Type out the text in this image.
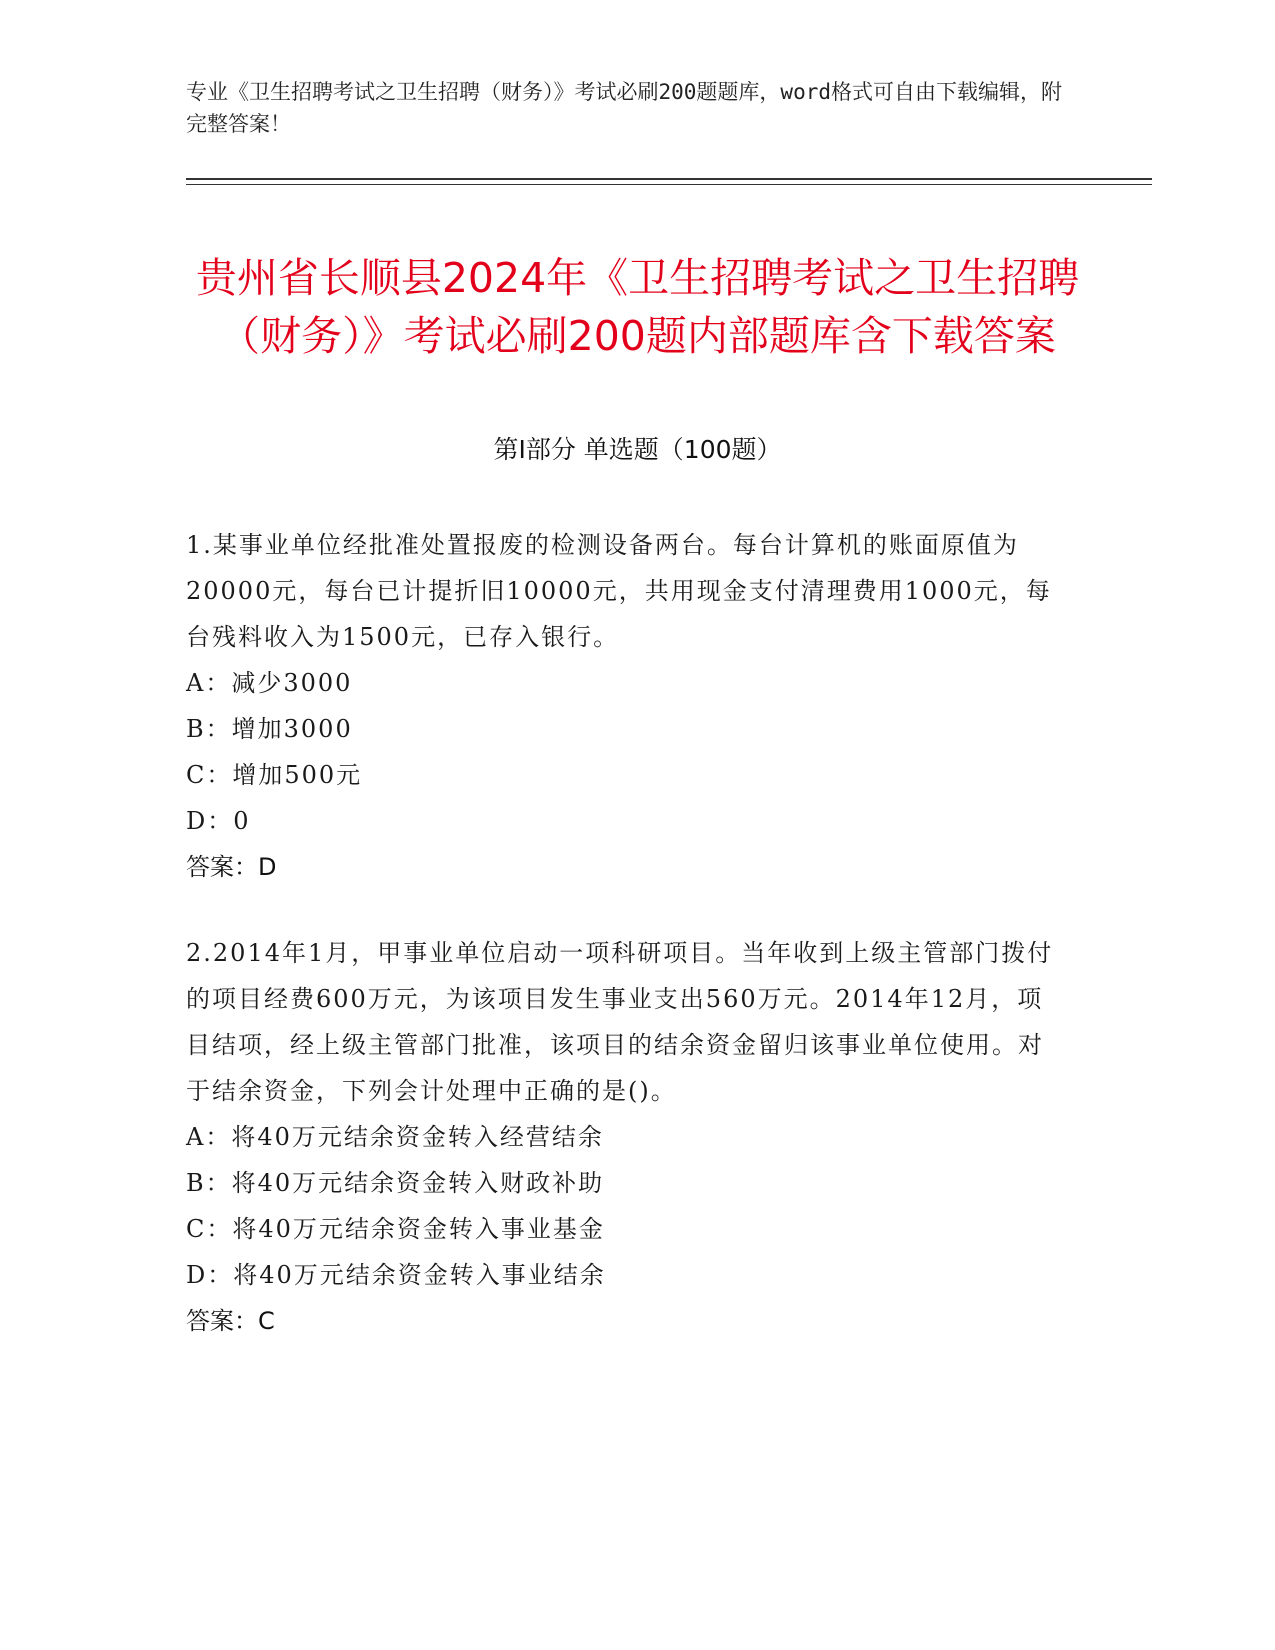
专业《卫生招聘考试之卫生招聘（财务）》考试必刷200题题库，word格式可自由下载编辑，附完整答案！
贵州省长顺县2024年《卫生招聘考试之卫生招聘（财务）》考试必刷200题内部题库含下载答案
第Ⅰ部分 单选题（100题）
1.某事业单位经批准处置报废的检测设备两台。每台计算机的账面原值为20000元，每台已计提折旧10000元，共用现金支付清理费用1000元，每台残料收入为1500元，已存入银行。
A：减少3000
B：增加3000
C：增加500元
D：0
答案：D
2.2014年1月，甲事业单位启动一项科研项目。当年收到上级主管部门拨付的项目经费600万元，为该项目发生事业支出560万元。2014年12月，项目结项，经上级主管部门批准，该项目的结余资金留归该事业单位使用。对于结余资金，下列会计处理中正确的是()。
A：将40万元结余资金转入经营结余
B：将40万元结余资金转入财政补助
C：将40万元结余资金转入事业基金
D：将40万元结余资金转入事业结余
答案：C
